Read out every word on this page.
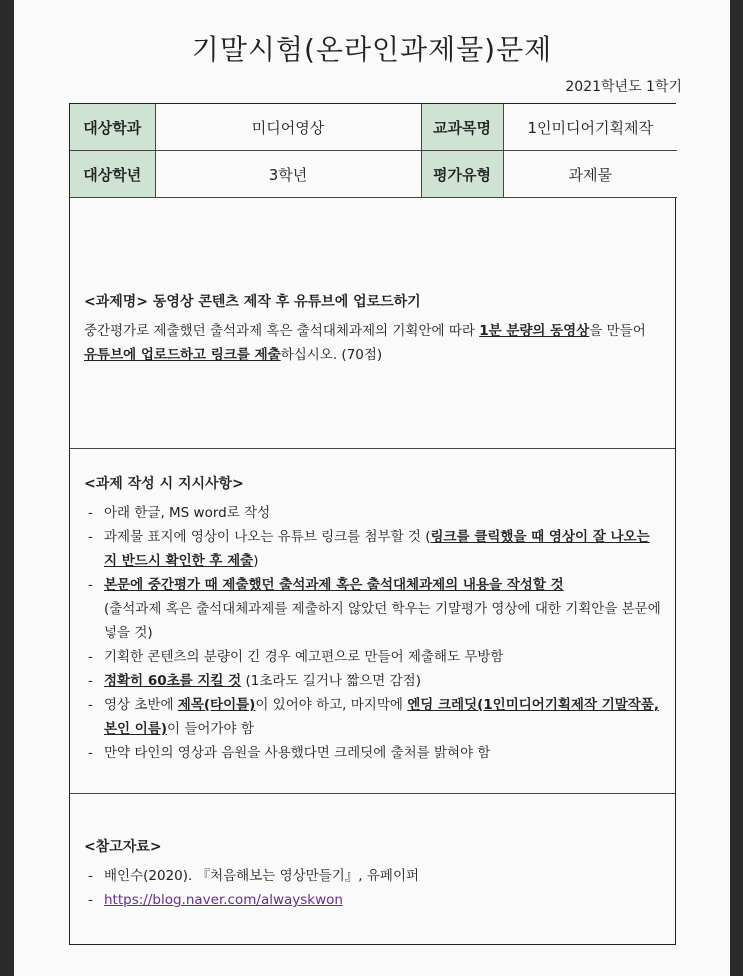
기말시험(온라인과제물)문제
2021학년도 1학기
대상학과	미디어영상	교과목명	1인미디어기획제작
대상학년	3학년	평가유형	과제물
<과제명> 동영상 콘텐츠 제작 후 유튜브에 업로드하기
중간평가로 제출했던 출석과제 혹은 출석대체과제의 기획안에 따라 1분 분량의 동영상을 만들어 유튜브에 업로드하고 링크를 제출하십시오. (70점)
<과제 작성 시 지시사항>
- 아래 한글, MS word로 작성
- 과제물 표지에 영상이 나오는 유튜브 링크를 첨부할 것 (링크를 클릭했을 때 영상이 잘 나오는지 반드시 확인한 후 제출)
- 본문에 중간평가 때 제출했던 출석과제 혹은 출석대체과제의 내용을 작성할 것
(출석과제 혹은 출석대체과제를 제출하지 않았던 학우는 기말평가 영상에 대한 기획안을 본문에 넣을 것)
- 기획한 콘텐츠의 분량이 긴 경우 예고편으로 만들어 제출해도 무방함
- 정확히 60초를 지킬 것 (1초라도 길거나 짧으면 감점)
- 영상 초반에 제목(타이틀)이 있어야 하고, 마지막에 엔딩 크레딧(1인미디어기획제작 기말작품, 본인 이름)이 들어가야 함
- 만약 타인의 영상과 음원을 사용했다면 크레딧에 출처를 밝혀야 함
<참고자료>
- 배인수(2020). 『처음해보는 영상만들기』, 유페이퍼
- https://blog.naver.com/alwayskwon
